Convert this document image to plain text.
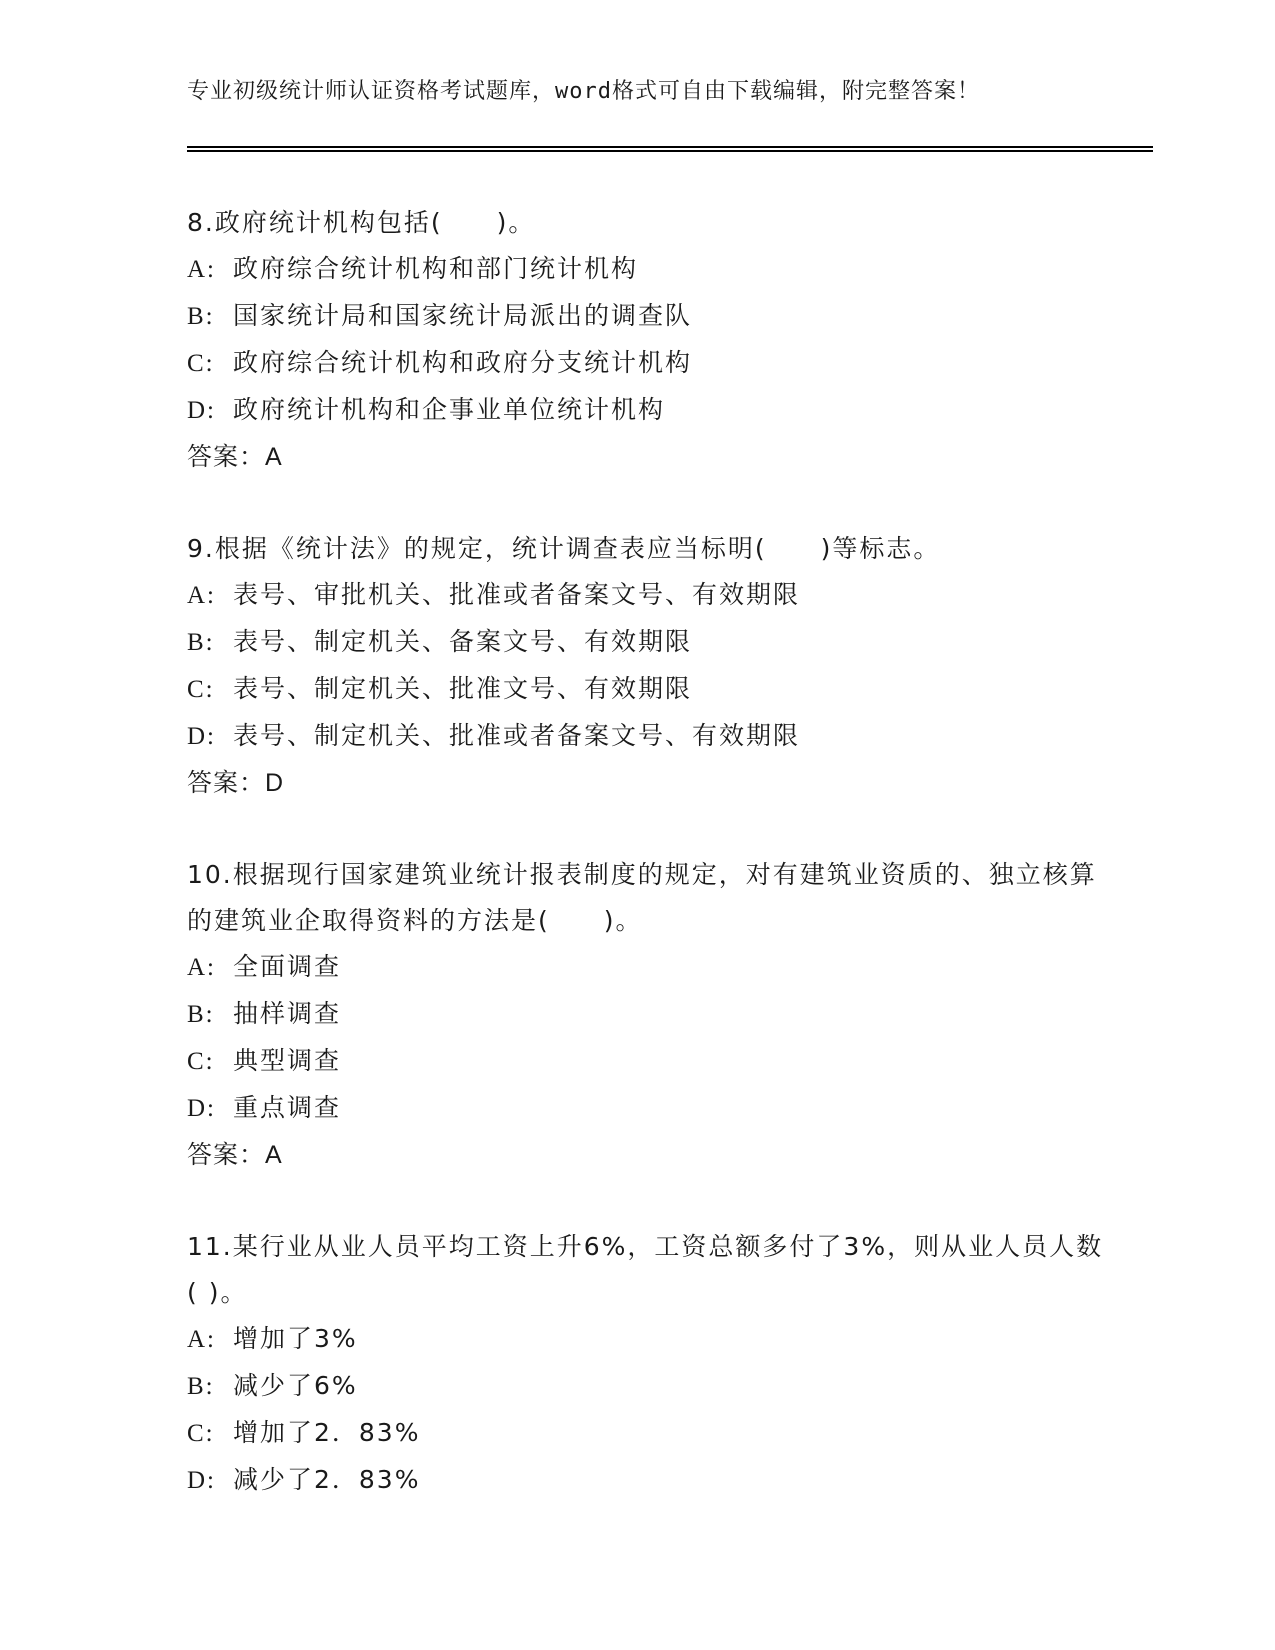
专业初级统计师认证资格考试题库，word格式可自由下载编辑，附完整答案！
8.政府统计机构包括(　　)。
A: 政府综合统计机构和部门统计机构
B: 国家统计局和国家统计局派出的调查队
C: 政府综合统计机构和政府分支统计机构
D: 政府统计机构和企事业单位统计机构
答案：A
9.根据《统计法》的规定，统计调查表应当标明(　　)等标志。
A: 表号、审批机关、批准或者备案文号、有效期限
B: 表号、制定机关、备案文号、有效期限
C: 表号、制定机关、批准文号、有效期限
D: 表号、制定机关、批准或者备案文号、有效期限
答案：D
10.根据现行国家建筑业统计报表制度的规定，对有建筑业资质的、独立核算的建筑业企取得资料的方法是(　　)。
A: 全面调查
B: 抽样调查
C: 典型调查
D: 重点调查
答案：A
11.某行业从业人员平均工资上升6%，工资总额多付了3%，则从业人员人数( )。
A: 增加了3%
B: 减少了6%
C: 增加了2．83%
D: 减少了2．83%
